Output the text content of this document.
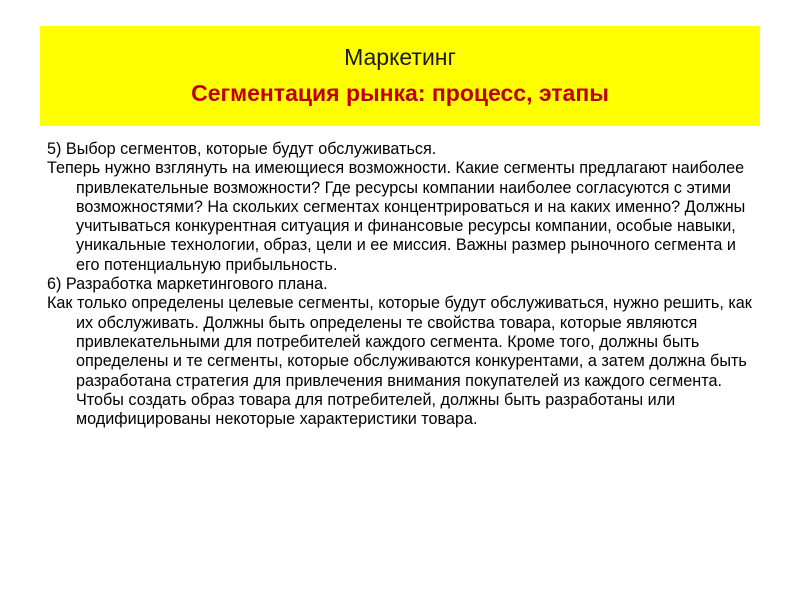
Маркетинг
Сегментация рынка: процесс, этапы

5) Выбор сегментов, которые будут обслуживаться.

Теперь нужно взглянуть на имеющиеся возможности. Какие сегменты предлагают наиболее привлекательные возможности? Где ресурсы компании наиболее согласуются с этими возможностями? На скольких сегментах концентрироваться и на каких именно? Должны учитываться конкурентная ситуация и финансовые ресурсы компании, особые навыки, уникальные технологии, образ, цели и ее миссия. Важны размер рыночного сегмента и его потенциальную прибыльность.

6) Разработка маркетингового плана.

Как только определены целевые сегменты, которые будут обслуживаться, нужно решить, как их обслуживать. Должны быть определены те свойства товара, которые являются привлекательными для потребителей каждого сегмента. Кроме того, должны быть определены и те сегменты, которые обслуживаются конкурентами, а затем должна быть разработана стратегия для привлечения внимания покупателей из каждого сегмента. Чтобы создать образ товара для потребителей, должны быть разработаны или модифицированы некоторые характеристики товара.
